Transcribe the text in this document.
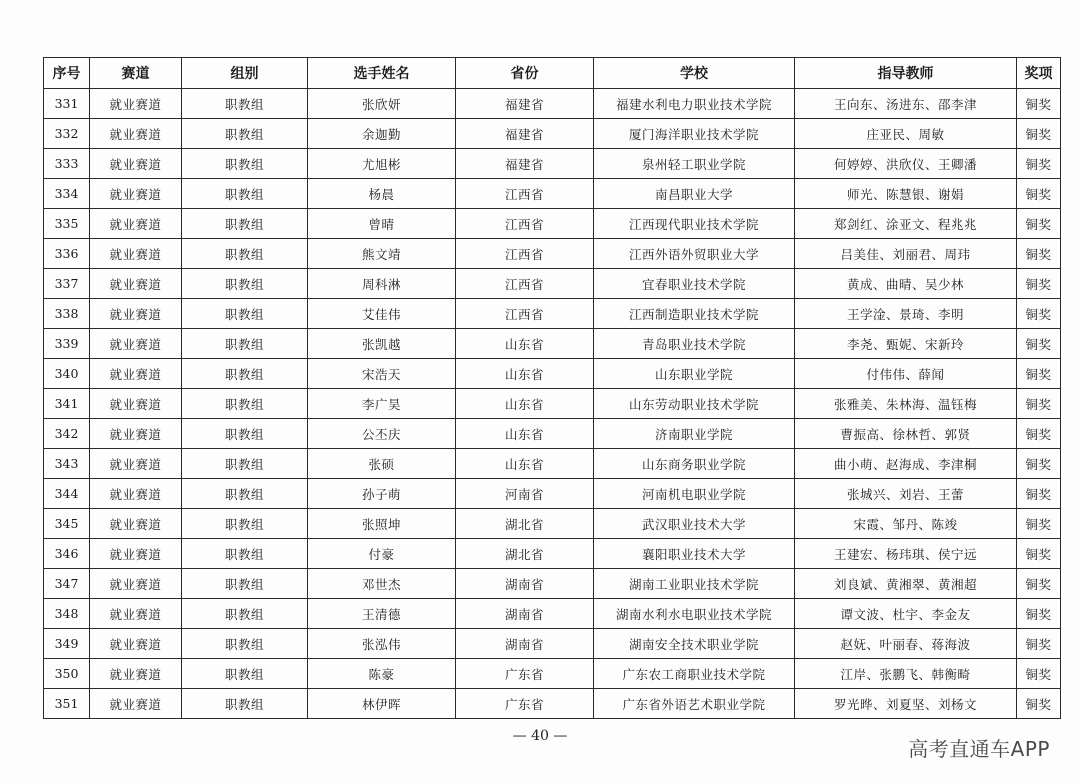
序号	赛道	组别	选手姓名	省份	学校	指导教师	奖项
331	就业赛道	职教组	张欣妍	福建省	福建水利电力职业技术学院	王向东、汤进东、邵李津	铜奖
332	就业赛道	职教组	余迦勤	福建省	厦门海洋职业技术学院	庄亚民、周敏	铜奖
333	就业赛道	职教组	尤旭彬	福建省	泉州轻工职业学院	何婷婷、洪欣仪、王卿潘	铜奖
334	就业赛道	职教组	杨晨	江西省	南昌职业大学	师光、陈慧银、谢娟	铜奖
335	就业赛道	职教组	曾晴	江西省	江西现代职业技术学院	郑剑红、涂亚文、程兆兆	铜奖
336	就业赛道	职教组	熊文靖	江西省	江西外语外贸职业大学	吕美佳、刘丽君、周玮	铜奖
337	就业赛道	职教组	周科淋	江西省	宜春职业技术学院	黄成、曲晴、吴少林	铜奖
338	就业赛道	职教组	艾佳伟	江西省	江西制造职业技术学院	王学淦、景琦、李明	铜奖
339	就业赛道	职教组	张凯越	山东省	青岛职业技术学院	李尧、甄妮、宋新玲	铜奖
340	就业赛道	职教组	宋浩天	山东省	山东职业学院	付伟伟、薛闻	铜奖
341	就业赛道	职教组	李广昊	山东省	山东劳动职业技术学院	张雅美、朱林海、温钰梅	铜奖
342	就业赛道	职教组	公丕庆	山东省	济南职业学院	曹振高、徐林哲、郭贤	铜奖
343	就业赛道	职教组	张硕	山东省	山东商务职业学院	曲小萌、赵海成、李津桐	铜奖
344	就业赛道	职教组	孙子萌	河南省	河南机电职业学院	张城兴、刘岩、王蕾	铜奖
345	就业赛道	职教组	张照坤	湖北省	武汉职业技术大学	宋霞、邹丹、陈竣	铜奖
346	就业赛道	职教组	付豪	湖北省	襄阳职业技术大学	王建宏、杨玮琪、侯宁远	铜奖
347	就业赛道	职教组	邓世杰	湖南省	湖南工业职业技术学院	刘良斌、黄湘翠、黄湘超	铜奖
348	就业赛道	职教组	王清德	湖南省	湖南水利水电职业技术学院	谭文波、杜宇、李金友	铜奖
349	就业赛道	职教组	张泓伟	湖南省	湖南安全技术职业学院	赵妩、叶丽春、蒋海波	铜奖
350	就业赛道	职教组	陈豪	广东省	广东农工商职业技术学院	江岸、张鹏飞、韩衡畸	铜奖
351	就业赛道	职教组	林伊晖	广东省	广东省外语艺术职业学院	罗光晔、刘夏坚、刘杨文	铜奖
— 40 —
高考直通车APP
